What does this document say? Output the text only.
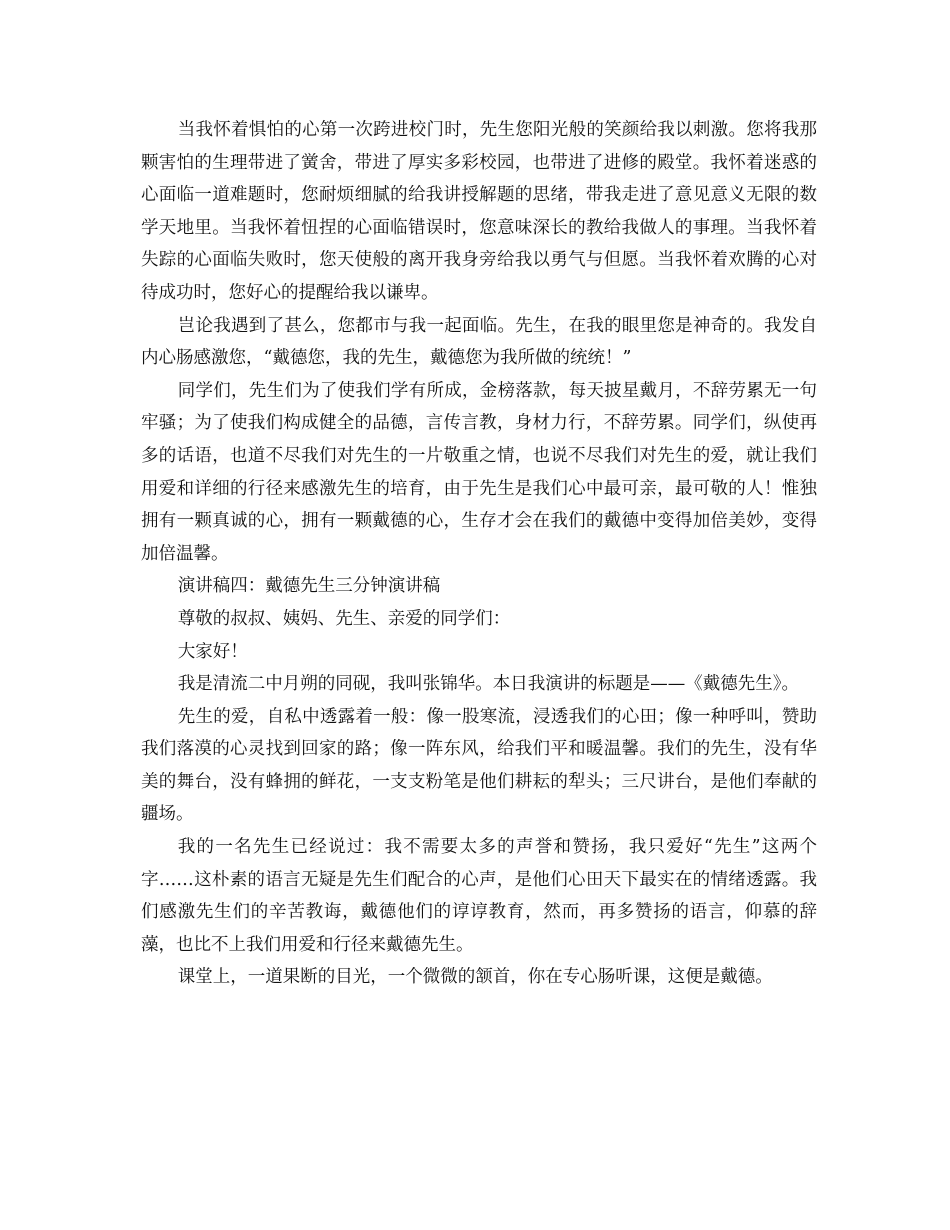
当我怀着惧怕的心第一次跨进校门时，先生您阳光般的笑颜给我以刺激。您将我那颗害怕的生理带进了黉舍，带进了厚实多彩校园，也带进了进修的殿堂。我怀着迷惑的心面临一道难题时，您耐烦细腻的给我讲授解题的思绪，带我走进了意见意义无限的数学天地里。当我怀着忸捏的心面临错误时，您意味深长的教给我做人的事理。当我怀着失踪的心面临失败时，您天使般的离开我身旁给我以勇气与但愿。当我怀着欢腾的心对待成功时，您好心的提醒给我以谦卑。

岂论我遇到了甚么，您都市与我一起面临。先生，在我的眼里您是神奇的。我发自内心肠感激您，“戴德您，我的先生，戴德您为我所做的统统！”

同学们，先生们为了使我们学有所成，金榜落款，每天披星戴月，不辞劳累无一句牢骚；为了使我们构成健全的品德，言传言教，身材力行，不辞劳累。同学们，纵使再多的话语，也道不尽我们对先生的一片敬重之情，也说不尽我们对先生的爱，就让我们用爱和详细的行径来感激先生的培育，由于先生是我们心中最可亲，最可敬的人！惟独拥有一颗真诚的心，拥有一颗戴德的心，生存才会在我们的戴德中变得加倍美妙，变得加倍温馨。

演讲稿四：戴德先生三分钟演讲稿

尊敬的叔叔、姨妈、先生、亲爱的同学们：

大家好！

我是清流二中月朔的同砚，我叫张锦华。本日我演讲的标题是——《戴德先生》。

先生的爱，自私中透露着一般：像一股寒流，浸透我们的心田；像一种呼叫，赞助我们落漠的心灵找到回家的路；像一阵东风，给我们平和暖温馨。我们的先生，没有华美的舞台，没有蜂拥的鲜花，一支支粉笔是他们耕耘的犁头；三尺讲台，是他们奉献的疆场。

我的一名先生已经说过：我不需要太多的声誉和赞扬，我只爱好“先生”这两个字……这朴素的语言无疑是先生们配合的心声，是他们心田天下最实在的情绪透露。我们感激先生们的辛苦教诲，戴德他们的谆谆教育，然而，再多赞扬的语言，仰慕的辞藻，也比不上我们用爱和行径来戴德先生。

课堂上，一道果断的目光，一个微微的颔首，你在专心肠听课，这便是戴德。
